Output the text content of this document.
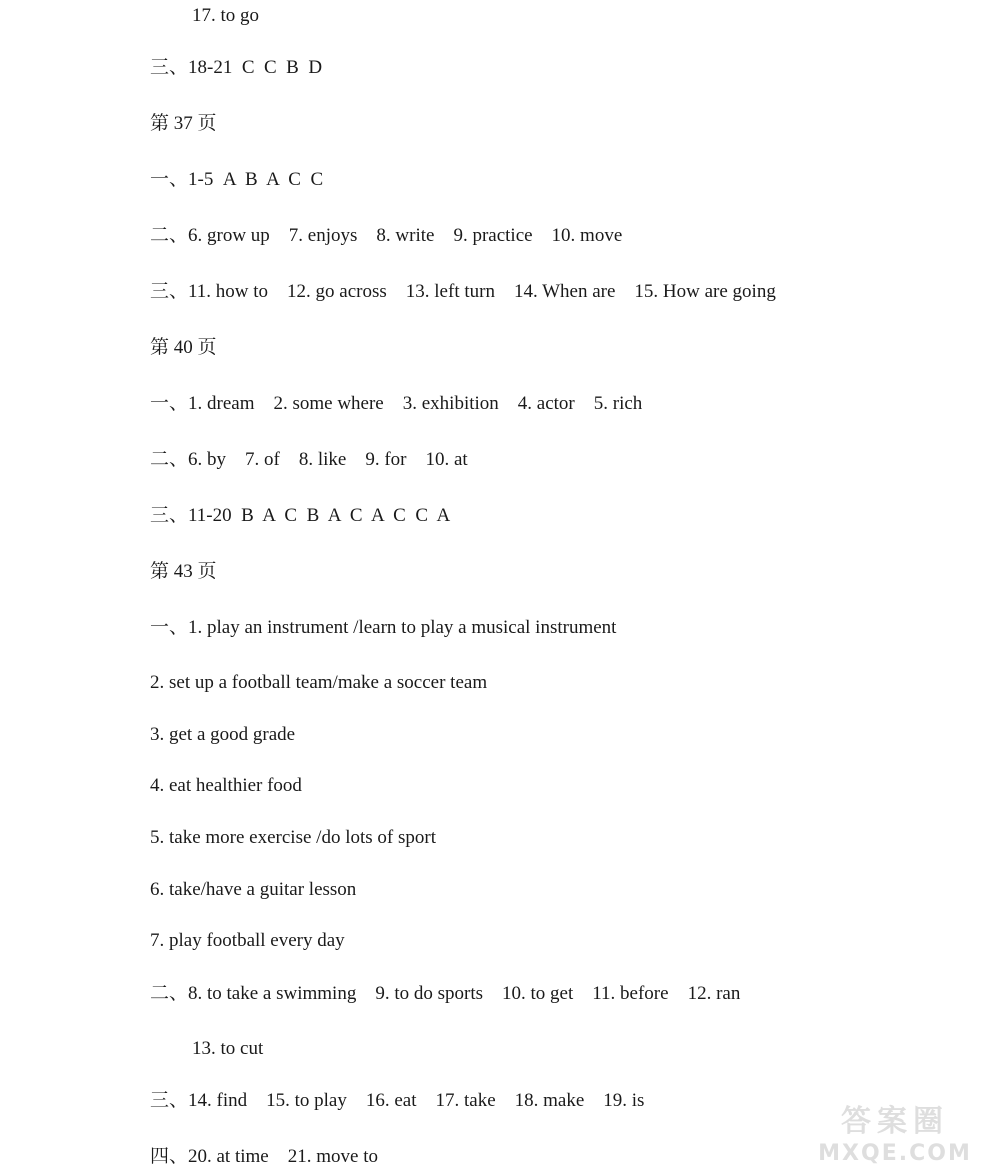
17. to go
三、18-21  C  C  B  D
第 37 页
一、1-5  A  B  A  C  C
二、6. grow up    7. enjoys    8. write    9. practice    10. move
三、11. how to    12. go across    13. left turn    14. When are    15. How are going
第 40 页
一、1. dream    2. some where    3. exhibition    4. actor    5. rich
二、6. by    7. of    8. like    9. for    10. at
三、11-20  B  A  C  B  A  C  A  C  C  A
第 43 页
一、1. play an instrument /learn to play a musical instrument
2. set up a football team/make a soccer team
3. get a good grade
4. eat healthier food
5. take more exercise /do lots of sport
6. take/have a guitar lesson
7. play football every day
二、8. to take a swimming    9. to do sports    10. to get    11. before    12. ran
13. to cut
三、14. find    15. to play    16. eat    17. take    18. make    19. is
四、20. at time    21. move to
答案圈
MXQE.COM
